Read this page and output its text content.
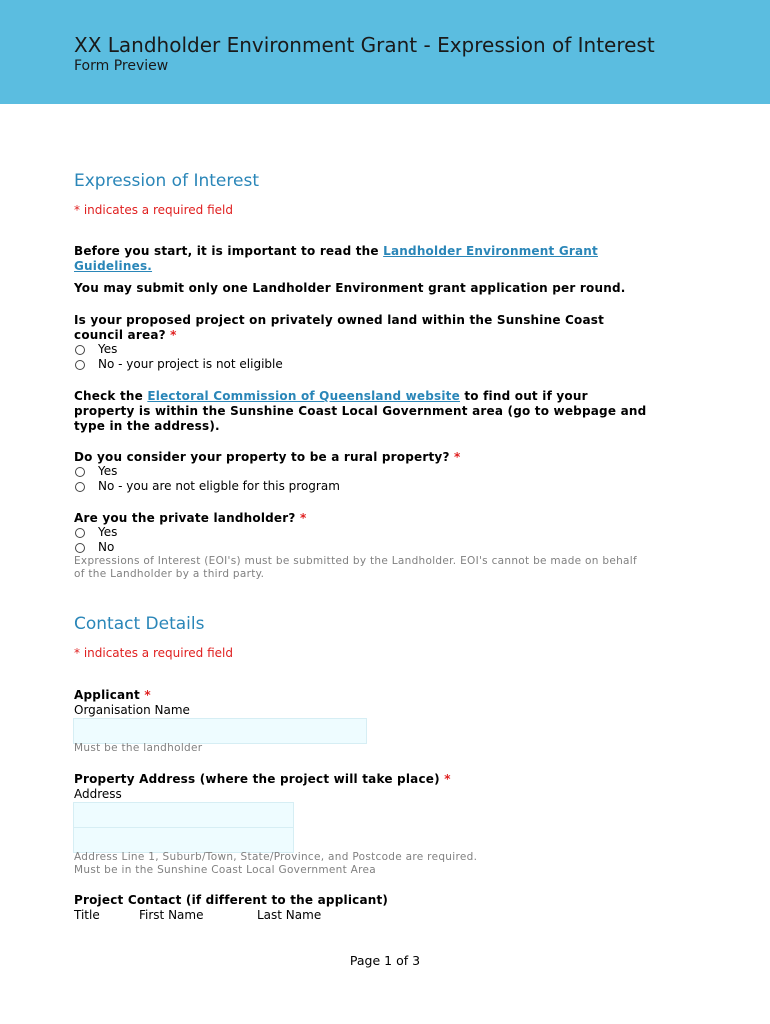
XX Landholder Environment Grant - Expression of Interest
Form Preview
Expression of Interest
* indicates a required field
Before you start, it is important to read the Landholder Environment Grant
Guidelines.
You may submit only one Landholder Environment grant application per round.
Is your proposed project on privately owned land within the Sunshine Coast
council area? *
Yes
No - your project is not eligible
Check the Electoral Commission of Queensland website to find out if your
property is within the Sunshine Coast Local Government area (go to webpage and
type in the address).
Do you consider your property to be a rural property? *
Yes
No - you are not eligble for this program
Are you the private landholder? *
Yes
No
Expressions of Interest (EOI's) must be submitted by the Landholder. EOI's cannot be made on behalf
of the Landholder by a third party.
Contact Details
* indicates a required field
Applicant *
Organisation Name
Must be the landholder
Property Address (where the project will take place) *
Address
Address Line 1, Suburb/Town, State/Province, and Postcode are required.
Must be in the Sunshine Coast Local Government Area
Project Contact (if different to the applicant)
Title	First Name	Last Name
Page 1 of 3
